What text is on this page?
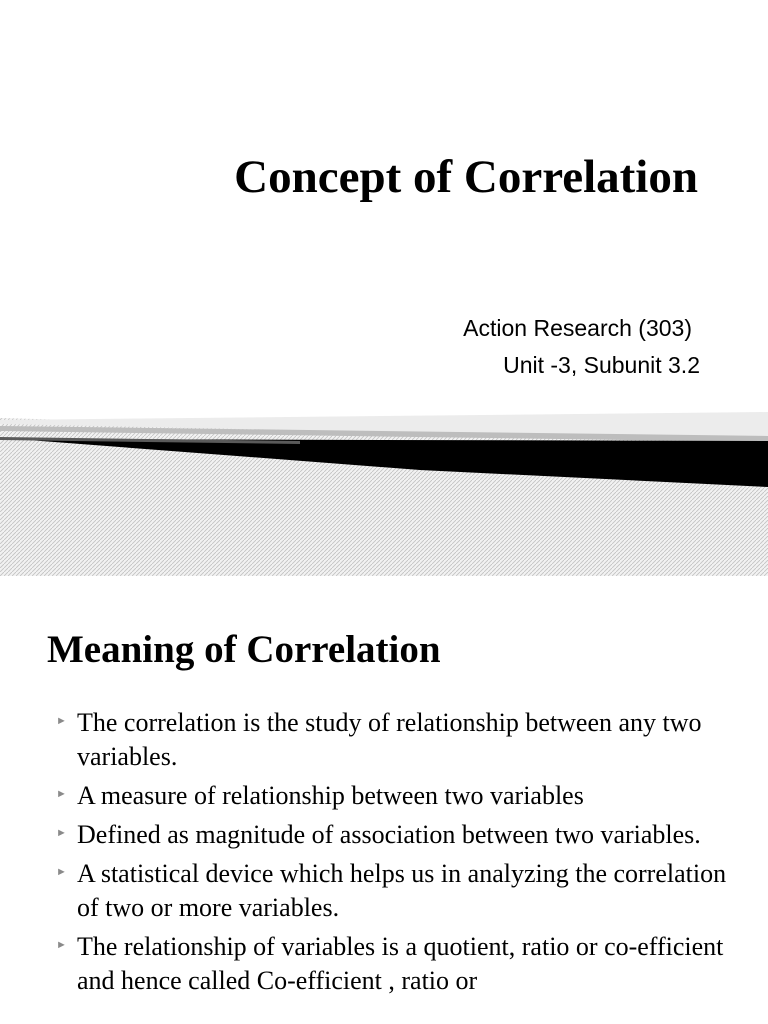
Concept of Correlation
Action Research (303)
Unit -3, Subunit 3.2
Meaning of Correlation
► The correlation is the study of relationship between any two variables.
► A measure of relationship between two variables
► Defined as magnitude of association between two variables.
► A statistical device which helps us in analyzing the correlation of two or more variables.
► The relationship of variables is a quotient, ratio or co-efficient and hence called Co-efficient , ratio or
